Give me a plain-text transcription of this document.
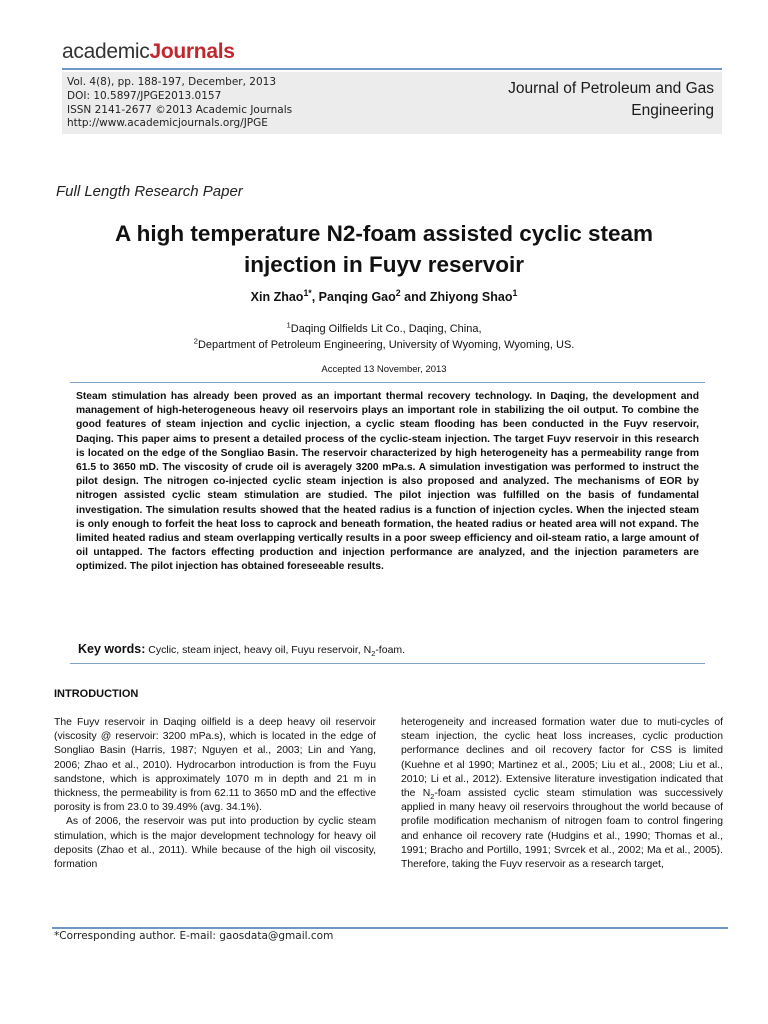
academicJournals
Vol. 4(8), pp. 188-197, December, 2013
DOI: 10.5897/JPGE2013.0157
ISSN 2141-2677 ©2013 Academic Journals
http://www.academicjournals.org/JPGE
Journal of Petroleum and Gas
Engineering
Full Length Research Paper
A high temperature N2-foam assisted cyclic steam
injection in Fuyv reservoir
Xin Zhao$^{1*}$, Panqing Gao$^2$ and Zhiyong Shao$^1$
$^1$Daqing Oilfields Lit Co., Daqing, China,
$^2$Department of Petroleum Engineering, University of Wyoming, Wyoming, US.
Accepted 13 November, 2013
Steam stimulation has already been proved as an important thermal recovery technology. In Daqing, the development and management of high-heterogeneous heavy oil reservoirs plays an important role in stabilizing the oil output. To combine the good features of steam injection and cyclic injection, a cyclic steam flooding has been conducted in the Fuyv reservoir, Daqing. This paper aims to present a detailed process of the cyclic-steam injection. The target Fuyv reservoir in this research is located on the edge of the Songliao Basin. The reservoir characterized by high heterogeneity has a permeability range from 61.5 to 3650 mD. The viscosity of crude oil is averagely 3200 mPa.s. A simulation investigation was performed to instruct the pilot design. The nitrogen co-injected cyclic steam injection is also proposed and analyzed. The mechanisms of EOR by nitrogen assisted cyclic steam stimulation are studied. The pilot injection was fulfilled on the basis of fundamental investigation. The simulation results showed that the heated radius is a function of injection cycles. When the injected steam is only enough to forfeit the heat loss to caprock and beneath formation, the heated radius or heated area will not expand. The limited heated radius and steam overlapping vertically results in a poor sweep efficiency and oil-steam ratio, a large amount of oil untapped. The factors effecting production and injection performance are analyzed, and the injection parameters are optimized. The pilot injection has obtained foreseeable results.
Key words: Cyclic, steam inject, heavy oil, Fuyu reservoir, $N_2$-foam.
INTRODUCTION

The Fuyv reservoir in Daqing oilfield is a deep heavy oil reservoir (viscosity @ reservoir: 3200 mPa.s), which is located in the edge of Songliao Basin (Harris, 1987; Nguyen et al., 2003; Lin and Yang, 2006; Zhao et al., 2010). Hydrocarbon introduction is from the Fuyu sandstone, which is approximately 1070 m in depth and 21 m in thickness, the permeability is from 62.11 to 3650 mD and the effective porosity is from 23.0 to 39.49% (avg. 34.1%).

As of 2006, the reservoir was put into production by cyclic steam stimulation, which is the major development technology for heavy oil deposits (Zhao et al., 2011). While because of the high oil viscosity, formation

heterogeneity and increased formation water due to muti-cycles of steam injection, the cyclic heat loss increases, cyclic production performance declines and oil recovery factor for CSS is limited (Kuehne et al 1990; Martinez et al., 2005; Liu et al., 2008; Liu et al., 2010; Li et al., 2012). Extensive literature investigation indicated that the $N_2$-foam assisted cyclic steam stimulation was successively applied in many heavy oil reservoirs throughout the world because of profile modification mechanism of nitrogen foam to control fingering and enhance oil recovery rate (Hudgins et al., 1990; Thomas et al., 1991; Bracho and Portillo, 1991; Svrcek et al., 2002; Ma et al., 2005). Therefore, taking the Fuyv reservoir as a research target,

*Corresponding author. E-mail: gaosdata@gmail.com
